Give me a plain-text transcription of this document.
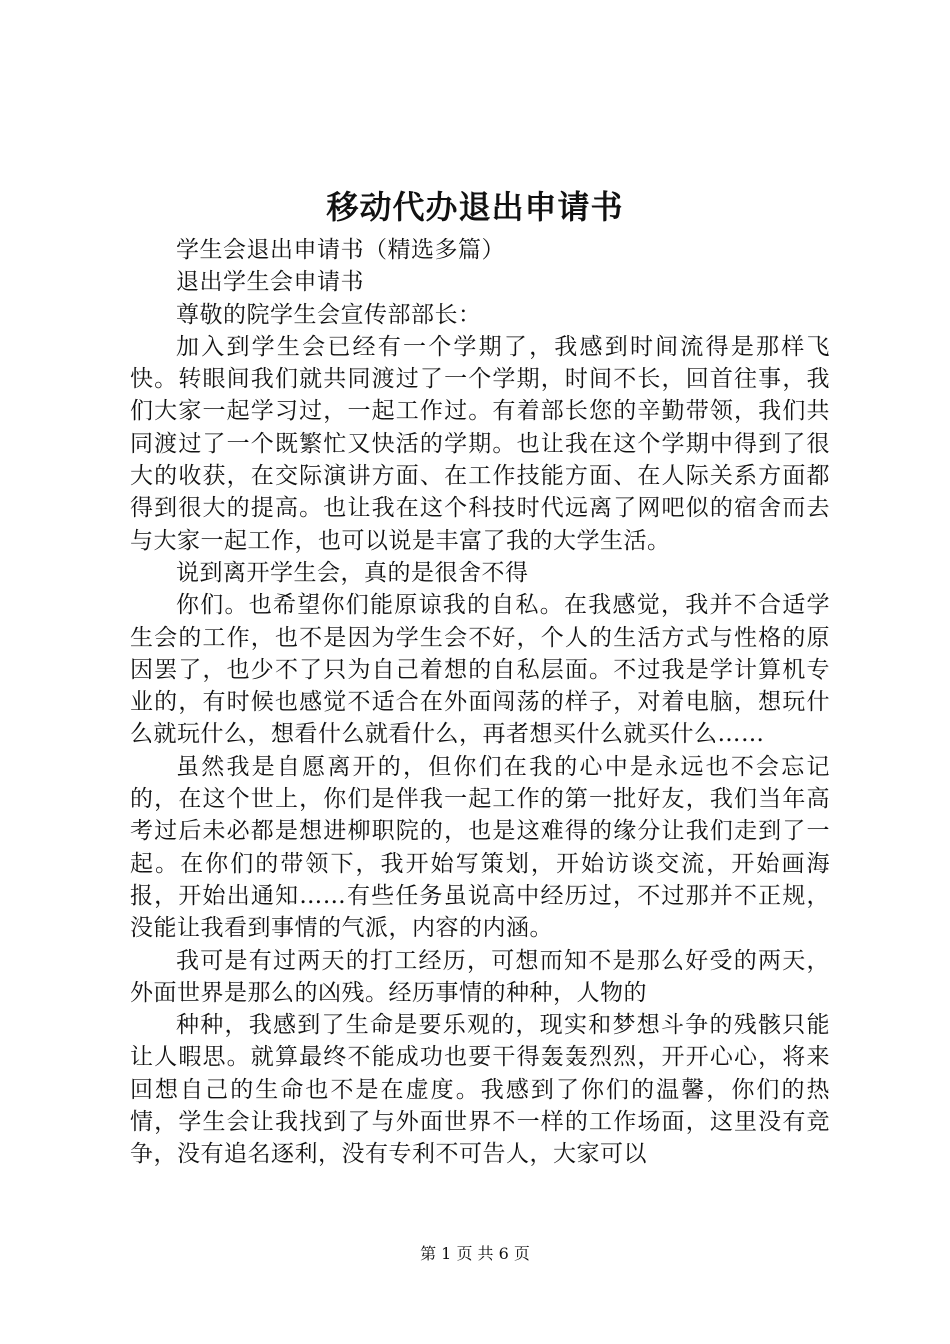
移动代办退出申请书

学生会退出申请书（精选多篇）

退出学生会申请书

尊敬的院学生会宣传部部长：

加入到学生会已经有一个学期了，我感到时间流得是那样飞快。转眼间我们就共同渡过了一个学期，时间不长，回首往事，我们大家一起学习过，一起工作过。有着部长您的辛勤带领，我们共同渡过了一个既繁忙又快活的学期。也让我在这个学期中得到了很大的收获，在交际演讲方面、在工作技能方面、在人际关系方面都得到很大的提高。也让我在这个科技时代远离了网吧似的宿舍而去与大家一起工作，也可以说是丰富了我的大学生活。

说到离开学生会，真的是很舍不得

你们。也希望你们能原谅我的自私。在我感觉，我并不合适学生会的工作，也不是因为学生会不好，个人的生活方式与性格的原因罢了，也少不了只为自己着想的自私层面。不过我是学计算机专业的，有时候也感觉不适合在外面闯荡的样子，对着电脑，想玩什么就玩什么，想看什么就看什么，再者想买什么就买什么……

虽然我是自愿离开的，但你们在我的心中是永远也不会忘记的，在这个世上，你们是伴我一起工作的第一批好友，我们当年高考过后未必都是想进柳职院的，也是这难得的缘分让我们走到了一起。在你们的带领下，我开始写策划，开始访谈交流，开始画海报，开始出通知……有些任务虽说高中经历过，不过那并不正规，没能让我看到事情的气派，内容的内涵。

我可是有过两天的打工经历，可想而知不是那么好受的两天，外面世界是那么的凶残。经历事情的种种，人物的

种种，我感到了生命是要乐观的，现实和梦想斗争的残骸只能让人暇思。就算最终不能成功也要干得轰轰烈烈，开开心心，将来回想自己的生命也不是在虚度。我感到了你们的温馨，你们的热情，学生会让我找到了与外面世界不一样的工作场面，这里没有竞争，没有追名逐利，没有专利不可告人，大家可以

第 1 页 共 6 页
